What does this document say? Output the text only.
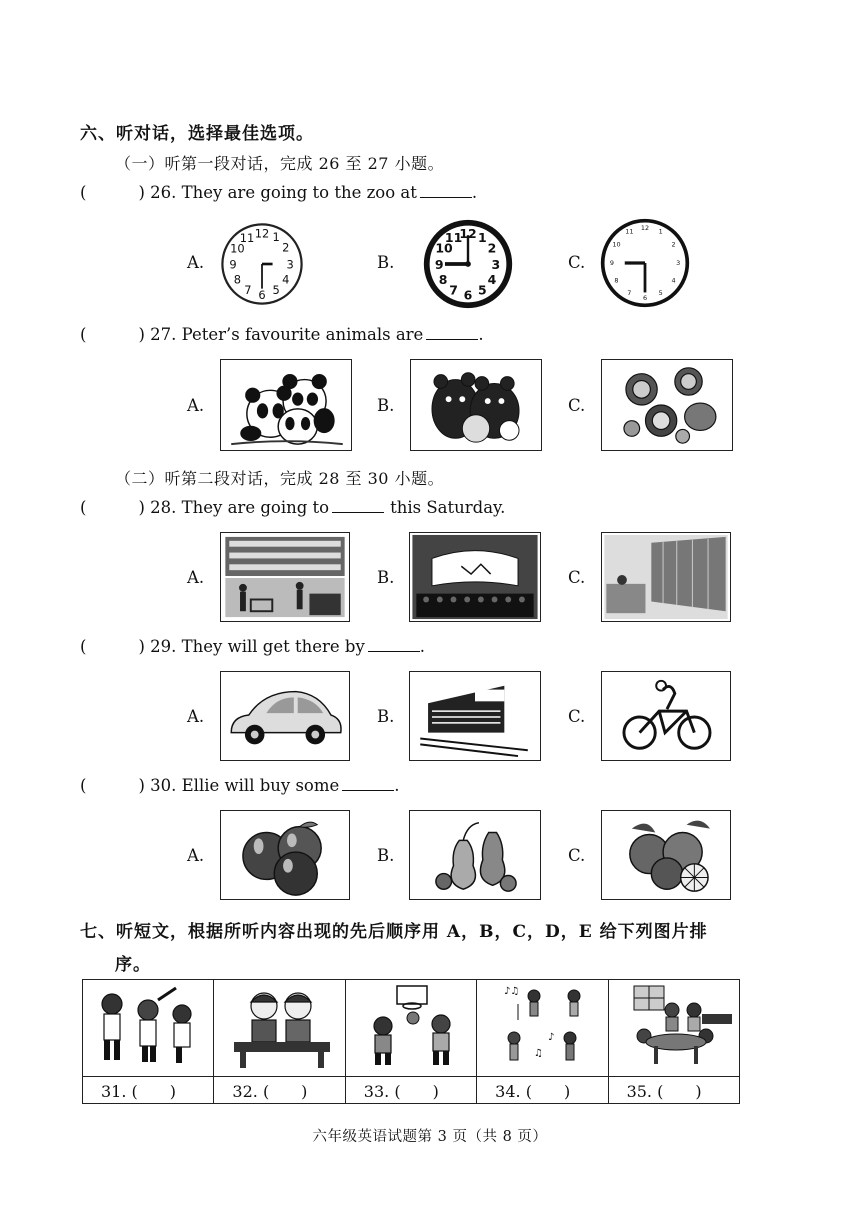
六、听对话，选择最佳选项。
（一）听第一段对话，完成 26 至 27 小题。
(	) 26. They are going to the zoo at	.
A.
12 1
2
3
4
5
6
7
8
9
10
11
B.
12 1
2
3
4
5
6
7
8
9
10
11
C.
12 1
2
3
4
5
6
7
8
9
10
11
(	) 27. Peter’s favourite animals are	.
A.	B.	C.
（二）听第二段对话，完成 28 至 30 小题。
(	) 28. They are going to	this Saturday.
A.	B.	C.
(	) 29. They will get there by	.
A.	B.	C.
(	) 30. Ellie will buy some	.
A.	B.	C.
七、听短文，根据所听内容出现的先后顺序用 A，B，C，D，E 给下列图片排
序。

♪♫
♪
♫

31. (　　)	32. (　　)	33. (　　)	34. (　　)	35. (　　)
六年级英语试题第 3 页（共 8 页）
